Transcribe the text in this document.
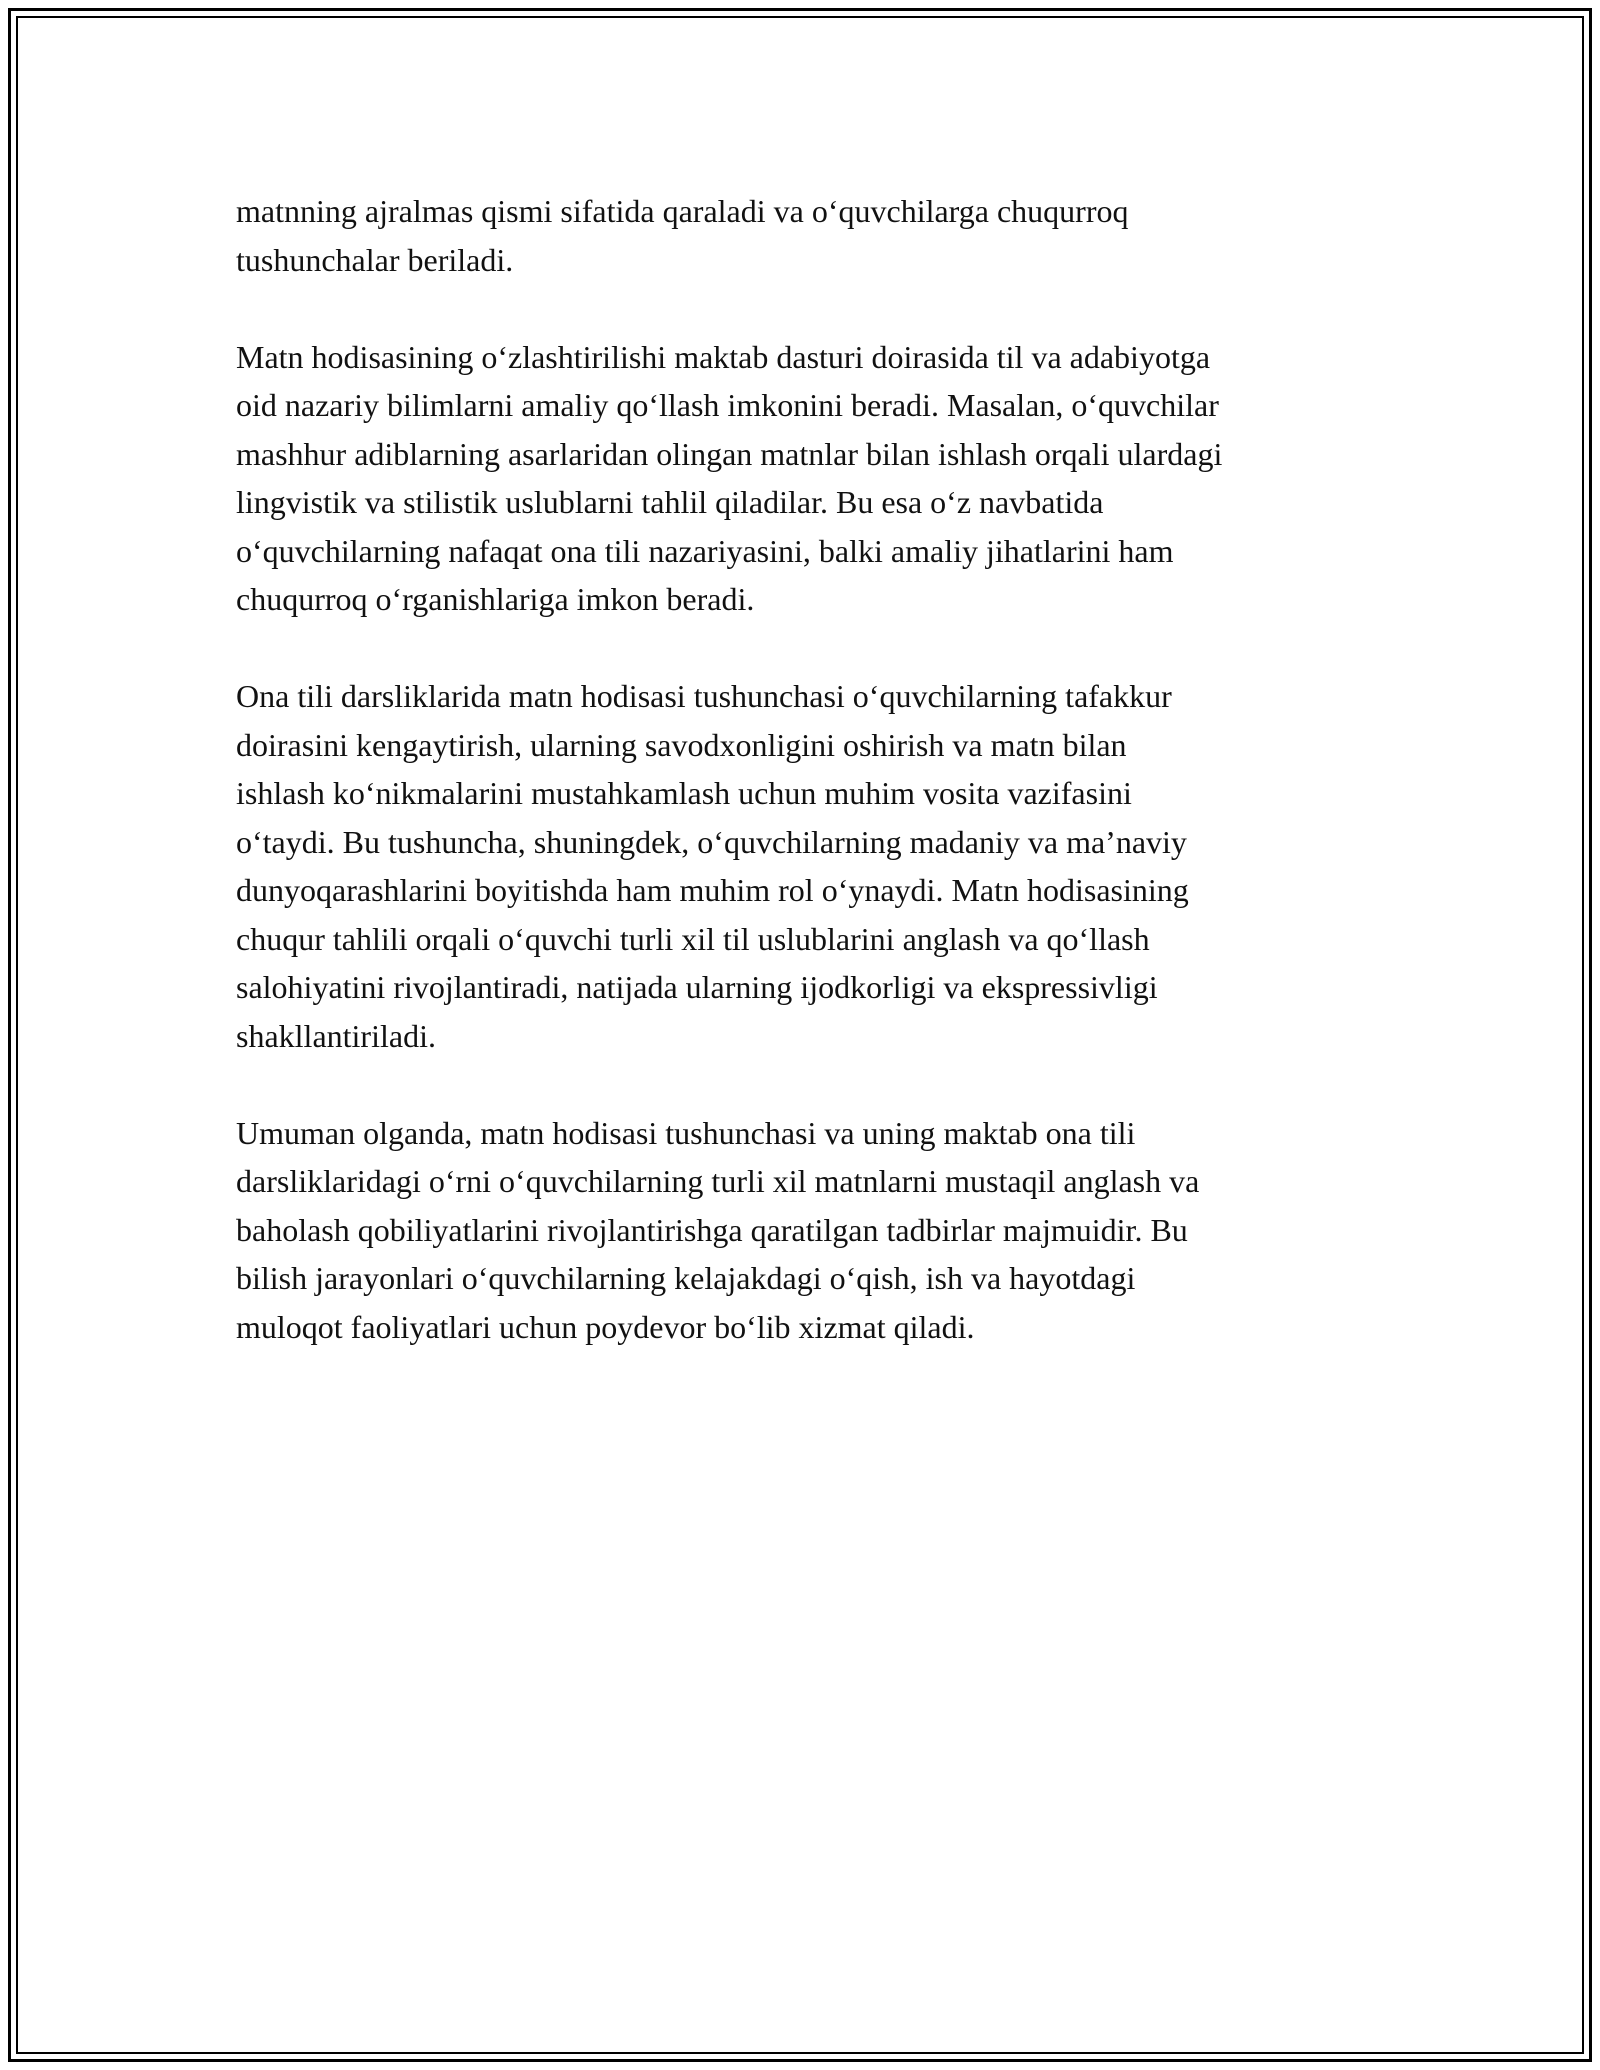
matnning ajralmas qismi sifatida qaraladi va o‘quvchilarga chuqurroq
tushunchalar beriladi.

Matn hodisasining o‘zlashtirilishi maktab dasturi doirasida til va adabiyotga
oid nazariy bilimlarni amaliy qo‘llash imkonini beradi. Masalan, o‘quvchilar
mashhur adiblarning asarlaridan olingan matnlar bilan ishlash orqali ulardagi
lingvistik va stilistik uslublarni tahlil qiladilar. Bu esa o‘z navbatida
o‘quvchilarning nafaqat ona tili nazariyasini, balki amaliy jihatlarini ham
chuqurroq o‘rganishlariga imkon beradi.

Ona tili darsliklarida matn hodisasi tushunchasi o‘quvchilarning tafakkur
doirasini kengaytirish, ularning savodxonligini oshirish va matn bilan
ishlash ko‘nikmalarini mustahkamlash uchun muhim vosita vazifasini
o‘taydi. Bu tushuncha, shuningdek, o‘quvchilarning madaniy va ma’naviy
dunyoqarashlarini boyitishda ham muhim rol o‘ynaydi. Matn hodisasining
chuqur tahlili orqali o‘quvchi turli xil til uslublarini anglash va qo‘llash
salohiyatini rivojlantiradi, natijada ularning ijodkorligi va ekspressivligi
shakllantiriladi.

Umuman olganda, matn hodisasi tushunchasi va uning maktab ona tili
darsliklaridagi o‘rni o‘quvchilarning turli xil matnlarni mustaqil anglash va
baholash qobiliyatlarini rivojlantirishga qaratilgan tadbirlar majmuidir. Bu
bilish jarayonlari o‘quvchilarning kelajakdagi o‘qish, ish va hayotdagi
muloqot faoliyatlari uchun poydevor bo‘lib xizmat qiladi.
